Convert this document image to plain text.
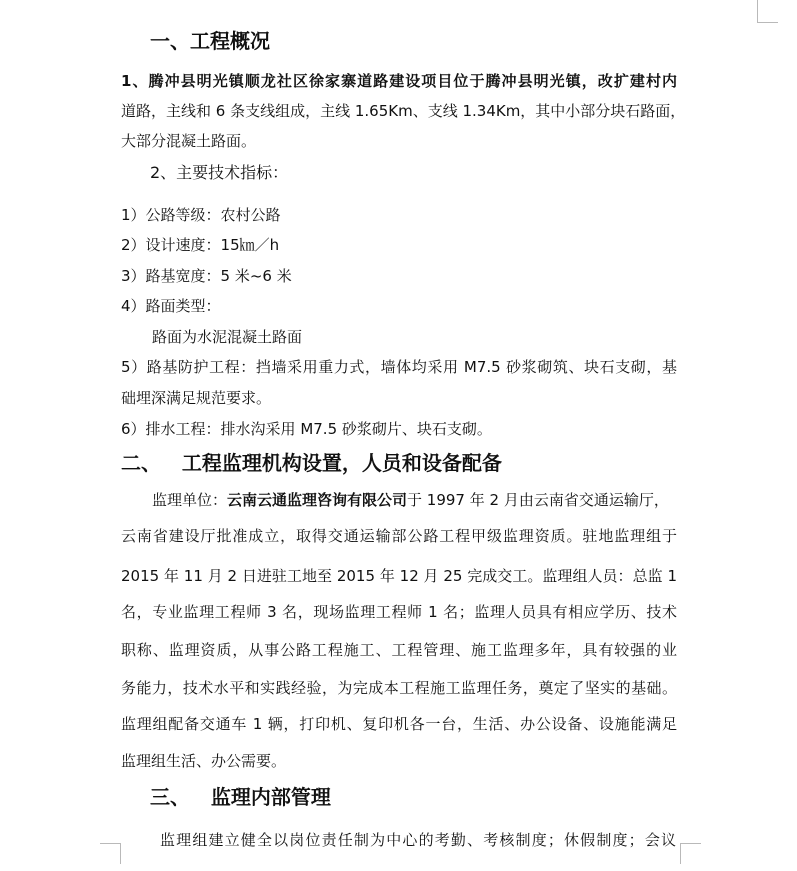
一、工程概况
1、腾冲县明光镇顺龙社区徐家寨道路建设项目位于腾冲县明光镇，改扩建村内
道路，主线和 6 条支线组成，主线 1.65Km、支线 1.34Km，其中小部分块石路面，
大部分混凝土路面。
2、主要技术指标：
1）公路等级：农村公路
2）设计速度：15㎞／h
3）路基宽度：5 米~6 米
4）路面类型：
路面为水泥混凝土路面
5）路基防护工程：挡墙采用重力式，墙体均采用 M7.5 砂浆砌筑、块石支砌，基
础埋深满足规范要求。
6）排水工程：排水沟采用 M7.5 砂浆砌片、块石支砌。
二、   工程监理机构设置，人员和设备配备
监理单位：云南云通监理咨询有限公司于 1997 年 2 月由云南省交通运输厅，
云南省建设厅批准成立，取得交通运输部公路工程甲级监理资质。驻地监理组于
2015 年 11 月 2 日进驻工地至 2015 年 12 月 25 完成交工。监理组人员：总监 1
名，专业监理工程师 3 名，现场监理工程师 1 名；监理人员具有相应学历、技术
职称、监理资质，从事公路工程施工、工程管理、施工监理多年，具有较强的业
务能力，技术水平和实践经验，为完成本工程施工监理任务，奠定了坚实的基础。
监理组配备交通车 1 辆，打印机、复印机各一台，生活、办公设备、设施能满足
监理组生活、办公需要。
三、   监理内部管理
监理组建立健全以岗位责任制为中心的考勤、考核制度；休假制度；会议
